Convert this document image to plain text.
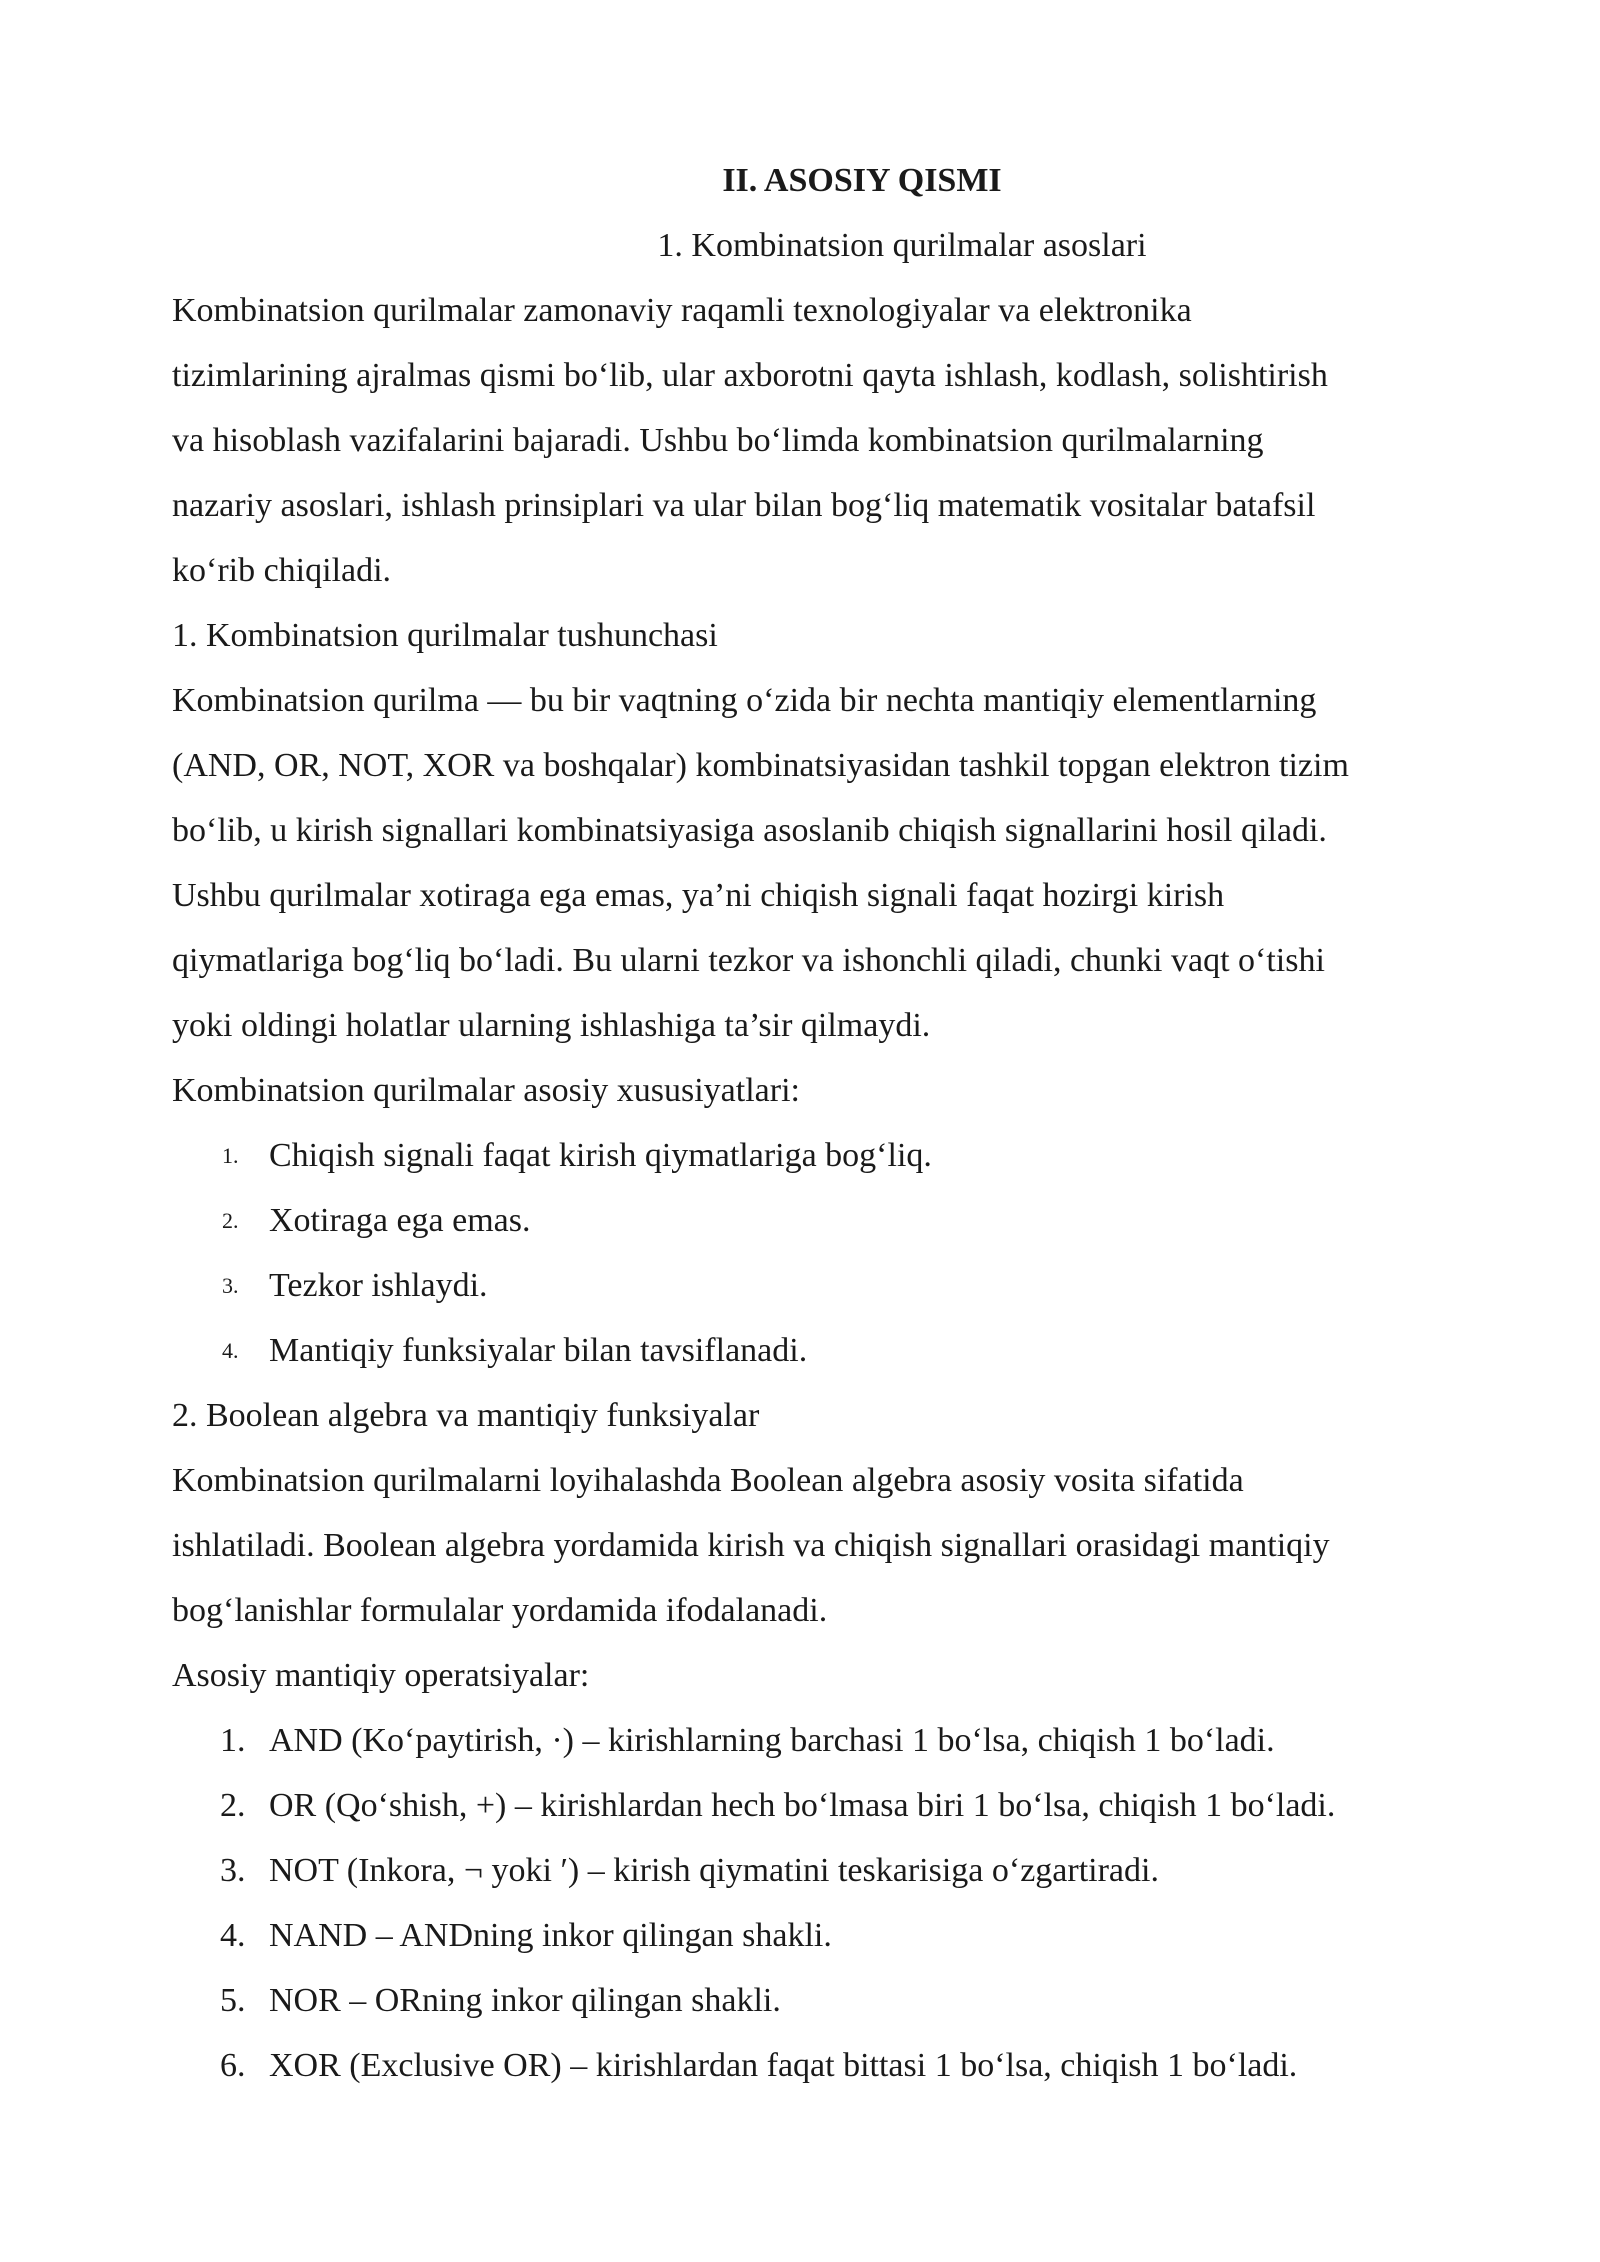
II. ASOSIY QISMI
1. Kombinatsion qurilmalar asoslari
Kombinatsion qurilmalar zamonaviy raqamli texnologiyalar va elektronika
tizimlarining ajralmas qismi bo‘lib, ular axborotni qayta ishlash, kodlash, solishtirish
va hisoblash vazifalarini bajaradi. Ushbu bo‘limda kombinatsion qurilmalarning
nazariy asoslari, ishlash prinsiplari va ular bilan bog‘liq matematik vositalar batafsil
ko‘rib chiqiladi.
1. Kombinatsion qurilmalar tushunchasi
Kombinatsion qurilma — bu bir vaqtning o‘zida bir nechta mantiqiy elementlarning
(AND, OR, NOT, XOR va boshqalar) kombinatsiyasidan tashkil topgan elektron tizim
bo‘lib, u kirish signallari kombinatsiyasiga asoslanib chiqish signallarini hosil qiladi.
Ushbu qurilmalar xotiraga ega emas, ya’ni chiqish signali faqat hozirgi kirish
qiymatlariga bog‘liq bo‘ladi. Bu ularni tezkor va ishonchli qiladi, chunki vaqt o‘tishi
yoki oldingi holatlar ularning ishlashiga ta’sir qilmaydi.
Kombinatsion qurilmalar asosiy xususiyatlari:
1. Chiqish signali faqat kirish qiymatlariga bog‘liq.
2. Xotiraga ega emas.
3. Tezkor ishlaydi.
4. Mantiqiy funksiyalar bilan tavsiflanadi.
2. Boolean algebra va mantiqiy funksiyalar
Kombinatsion qurilmalarni loyihalashda Boolean algebra asosiy vosita sifatida
ishlatiladi. Boolean algebra yordamida kirish va chiqish signallari orasidagi mantiqiy
bog‘lanishlar formulalar yordamida ifodalanadi.
Asosiy mantiqiy operatsiyalar:
1. AND (Ko‘paytirish, ·) – kirishlarning barchasi 1 bo‘lsa, chiqish 1 bo‘ladi.
2. OR (Qo‘shish, +) – kirishlardan hech bo‘lmasa biri 1 bo‘lsa, chiqish 1 bo‘ladi.
3. NOT (Inkora, ¬ yoki ′) – kirish qiymatini teskarisiga o‘zgartiradi.
4. NAND – ANDning inkor qilingan shakli.
5. NOR – ORning inkor qilingan shakli.
6. XOR (Exclusive OR) – kirishlardan faqat bittasi 1 bo‘lsa, chiqish 1 bo‘ladi.
